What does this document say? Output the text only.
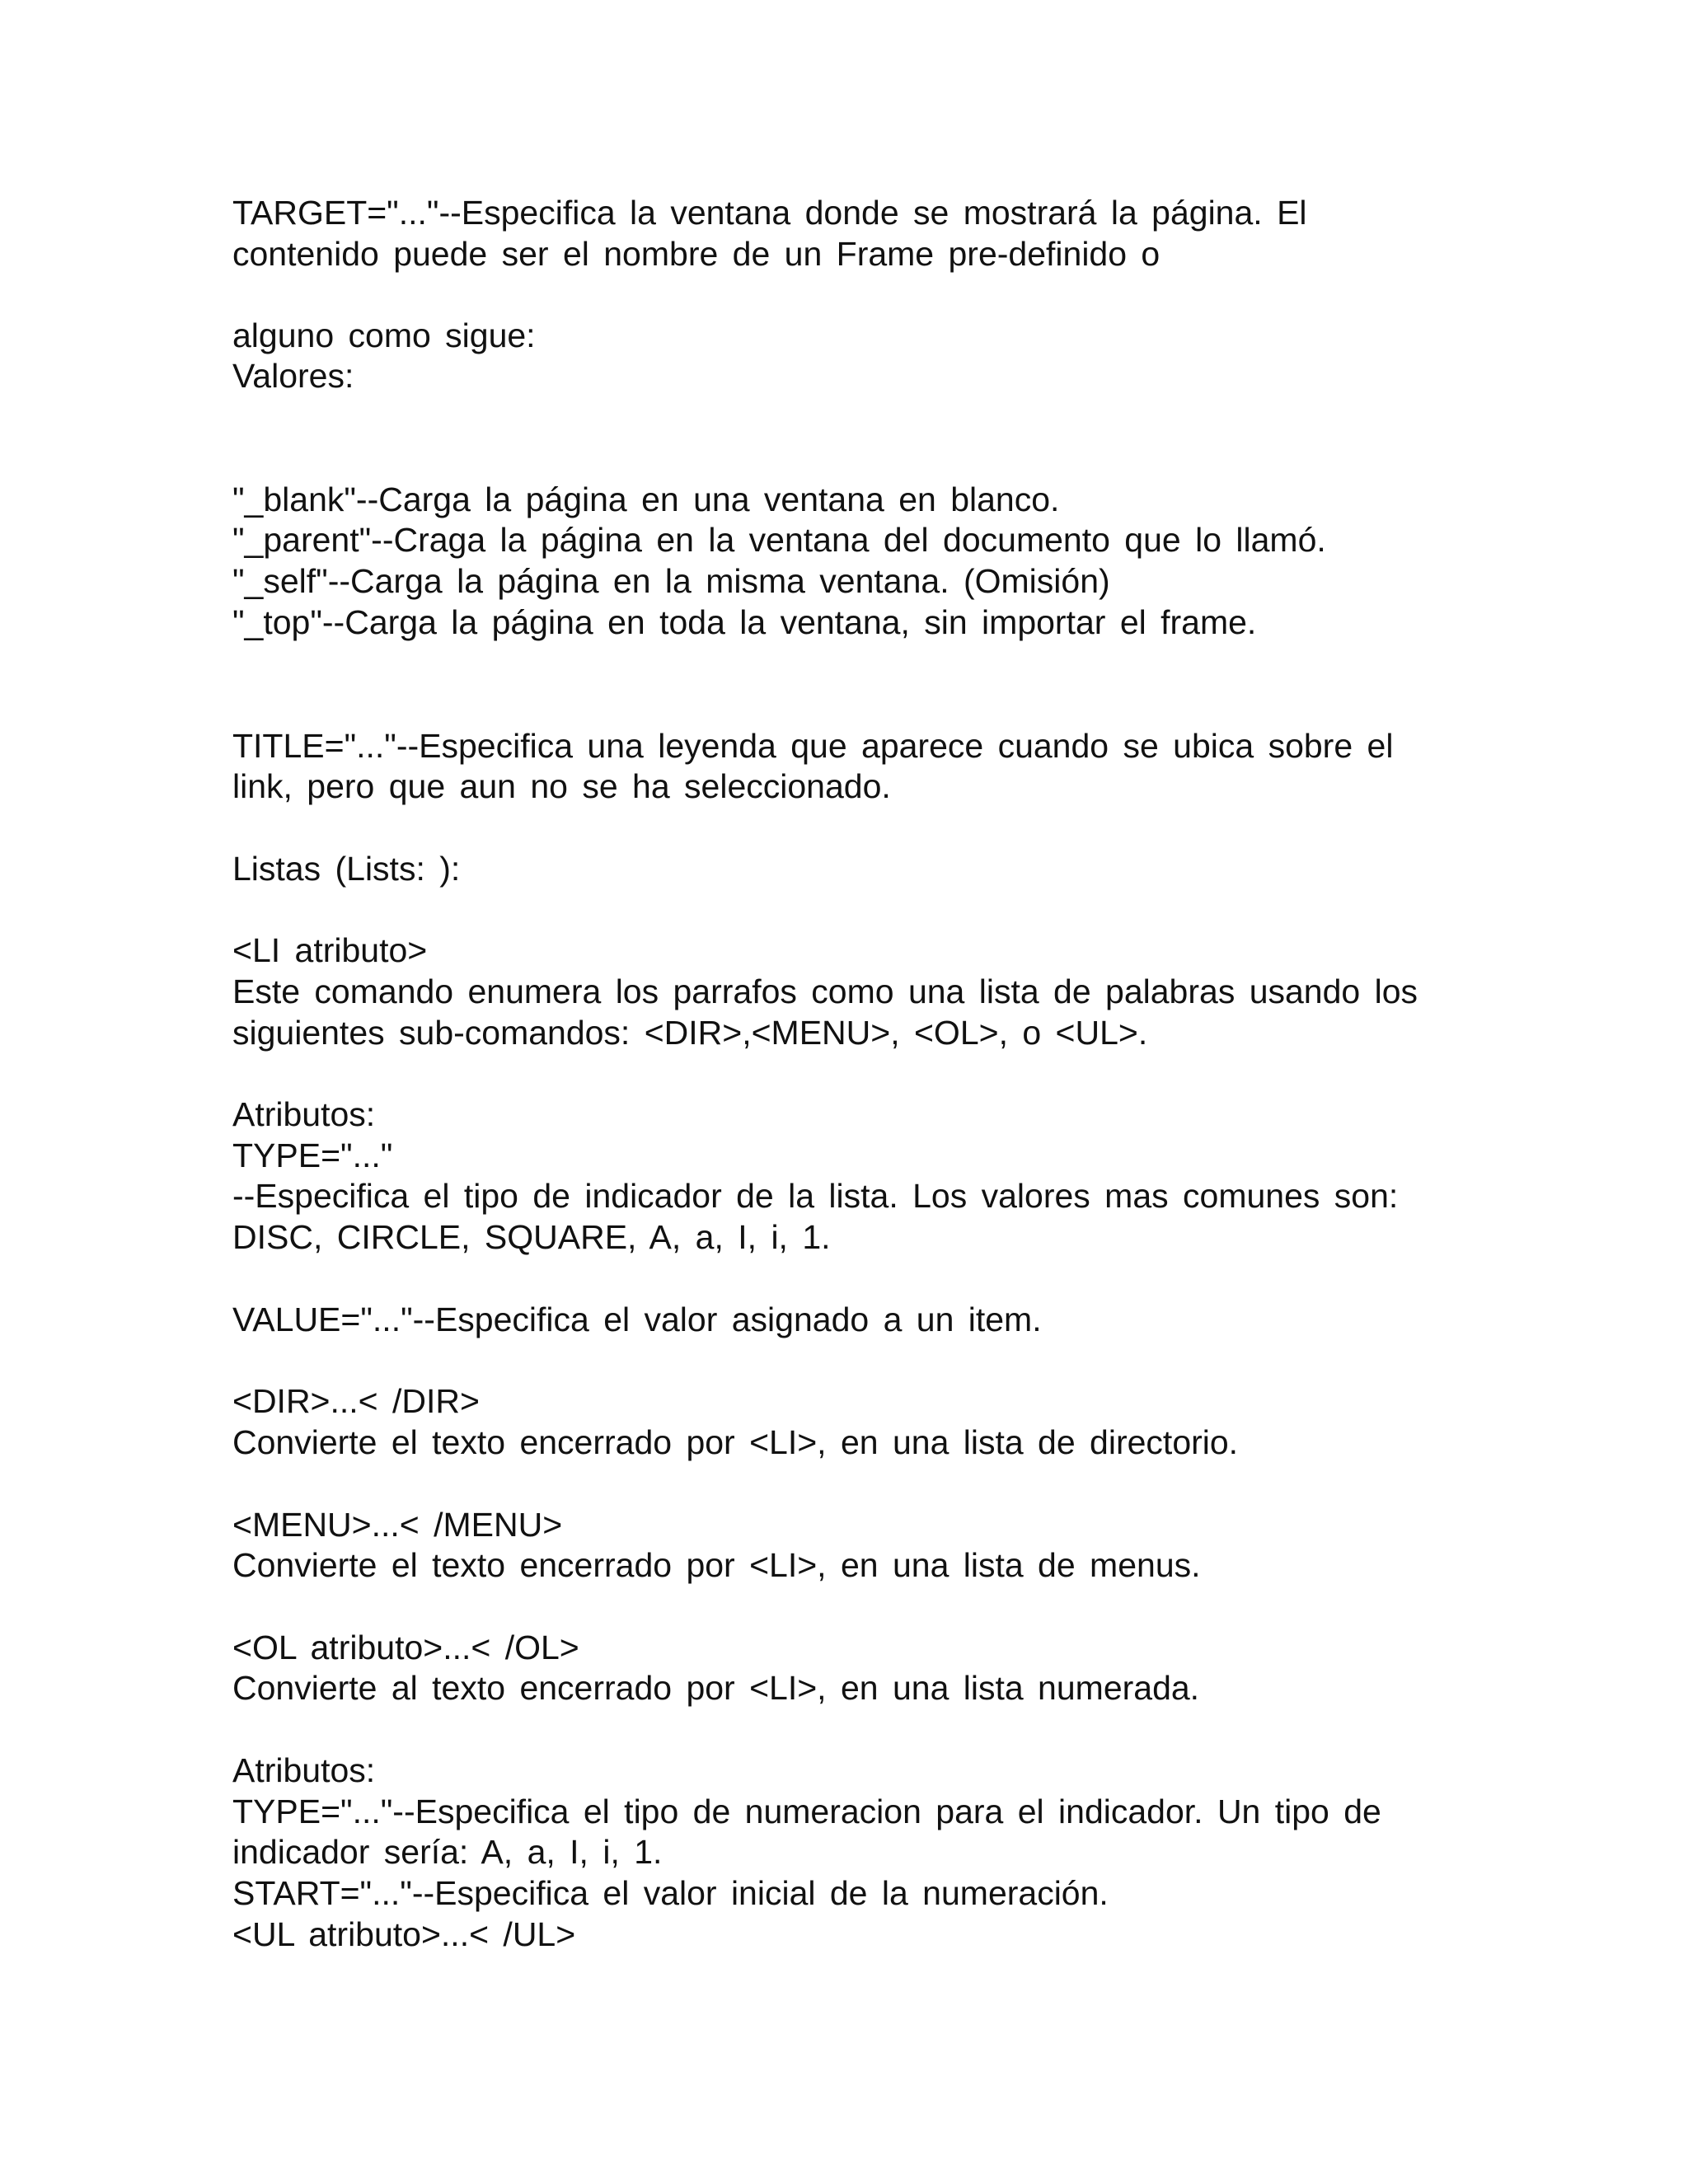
TARGET="..."--Especifica la ventana donde se mostrará la página. El
contenido puede ser el nombre de un Frame pre-definido o
alguno como sigue:
Valores:
"_blank"--Carga la página en una ventana en blanco.
"_parent"--Craga la página en la ventana del documento que lo llamó.
"_self"--Carga la página en la misma ventana. (Omisión)
"_top"--Carga la página en toda la ventana, sin importar el frame.
TITLE="..."--Especifica una leyenda que aparece cuando se ubica sobre el
link, pero que aun no se ha seleccionado.
Listas (Lists: ):
<LI atributo>
Este comando enumera los parrafos como una lista de palabras usando los
siguientes sub-comandos: <DIR>,<MENU>, <OL>, o <UL>.
Atributos:
TYPE="..."
--Especifica el tipo de indicador de la lista. Los valores mas comunes son:
DISC, CIRCLE, SQUARE, A, a, I, i, 1.
VALUE="..."--Especifica el valor asignado a un item.
<DIR>...< /DIR>
Convierte el texto encerrado por <LI>, en una lista de directorio.
<MENU>...< /MENU>
Convierte el texto encerrado por <LI>, en una lista de menus.
<OL atributo>...< /OL>
Convierte al texto encerrado por <LI>, en una lista numerada.
Atributos:
TYPE="..."--Especifica el tipo de numeracion para el indicador. Un tipo de
indicador sería: A, a, I, i, 1.
START="..."--Especifica el valor inicial de la numeración.
<UL atributo>...< /UL>
